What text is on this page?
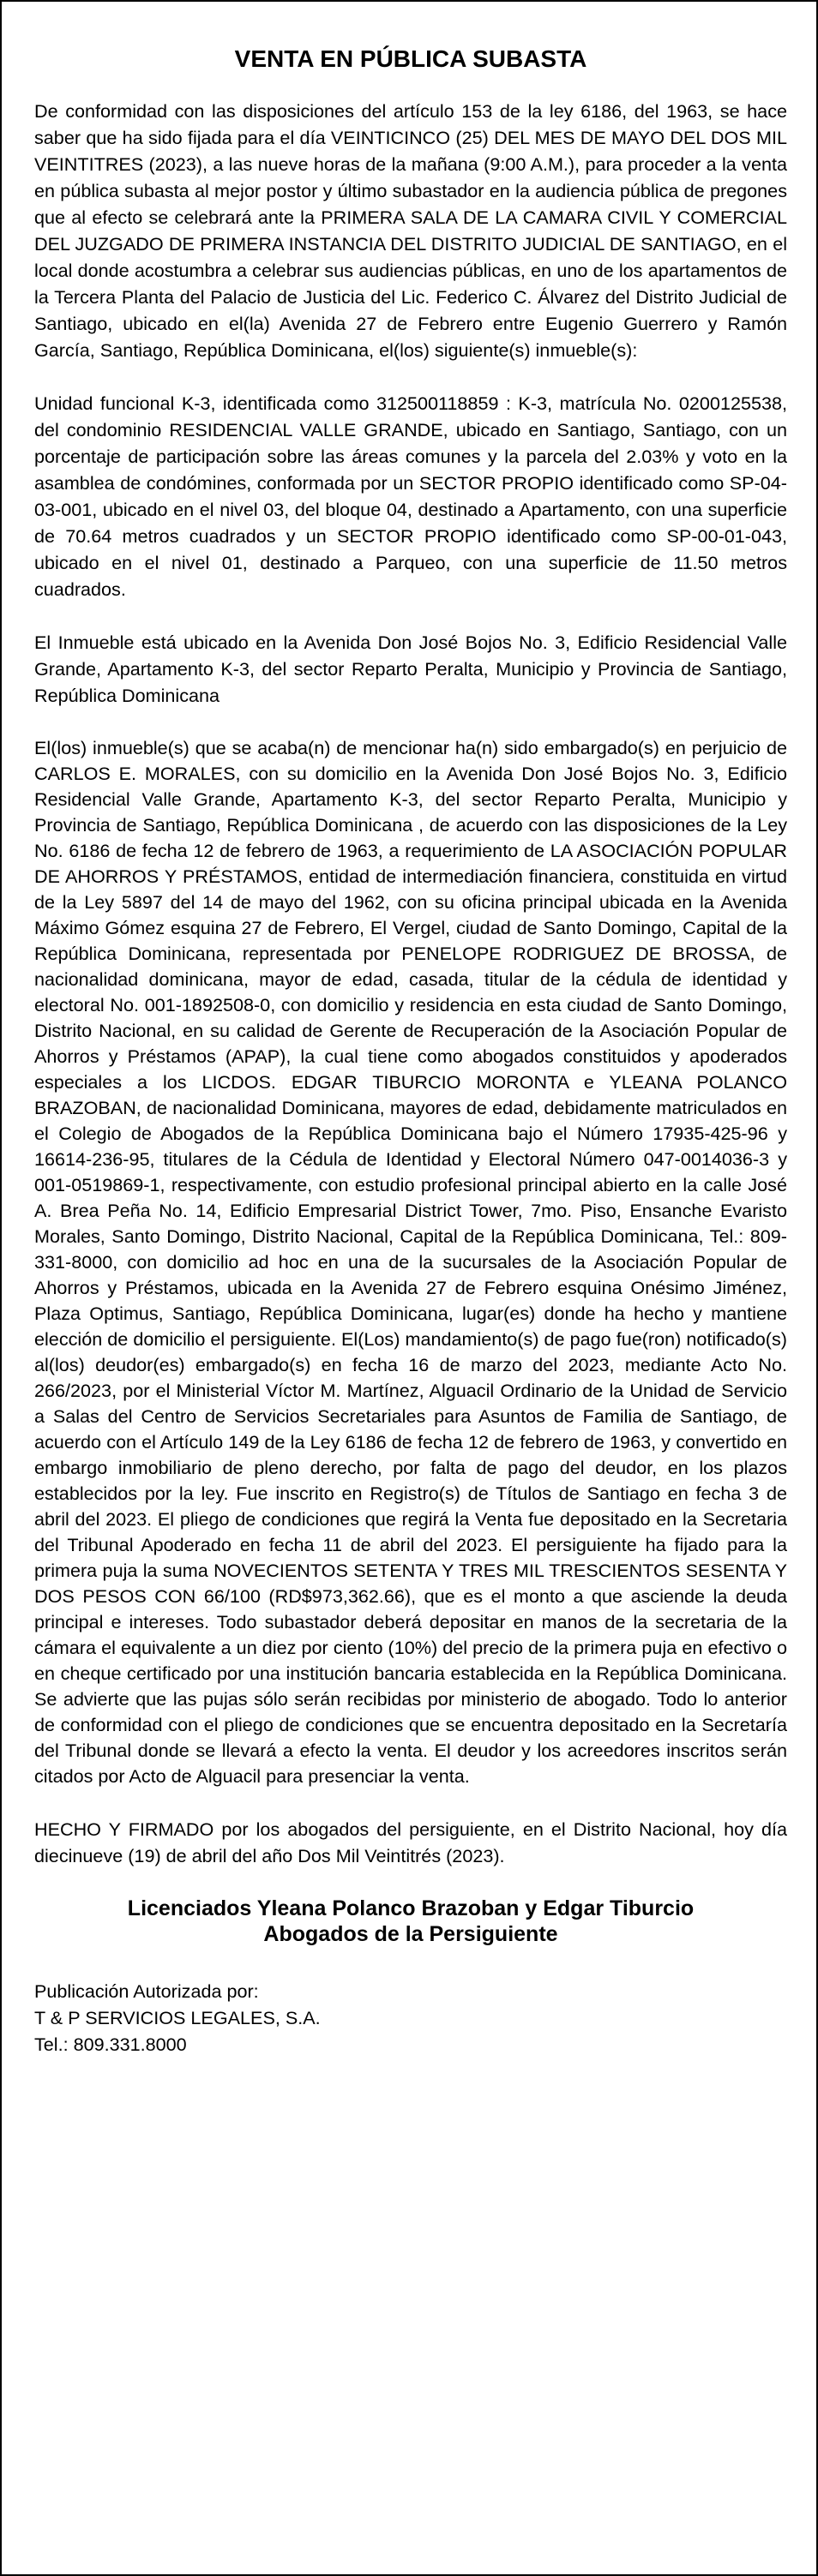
VENTA EN PÚBLICA SUBASTA
De conformidad con las disposiciones del artículo 153 de la ley 6186, del 1963, se hace saber que ha sido fijada para el día VEINTICINCO (25) DEL MES DE MAYO DEL DOS MIL VEINTITRES (2023), a las nueve horas de la mañana (9:00 A.M.), para proceder a la venta en pública subasta al mejor postor y último subastador en la audiencia pública de pregones que al efecto se celebrará ante la PRIMERA SALA DE LA CAMARA CIVIL Y COMERCIAL DEL JUZGADO DE PRIMERA INSTANCIA DEL DISTRITO JUDICIAL DE SANTIAGO, en el local donde acostumbra a celebrar sus audiencias públicas, en uno de los apartamentos de la Tercera Planta del Palacio de Justicia del Lic. Federico C. Álvarez del Distrito Judicial de Santiago, ubicado en el(la) Avenida 27 de Febrero entre Eugenio Guerrero y Ramón García, Santiago, República Dominicana, el(los) siguiente(s) inmueble(s):
Unidad funcional K-3, identificada como 312500118859 : K-3, matrícula No. 0200125538, del condominio RESIDENCIAL VALLE GRANDE, ubicado en Santiago, Santiago, con un porcentaje de participación sobre las áreas comunes y la parcela del 2.03% y voto en la asamblea de condómines, conformada por un SECTOR PROPIO identificado como SP-04-03-001, ubicado en el nivel 03, del bloque 04, destinado a Apartamento, con una superficie de 70.64 metros cuadrados y un SECTOR PROPIO identificado como SP-00-01-043, ubicado en el nivel 01, destinado a Parqueo, con una superficie de 11.50 metros cuadrados.
El Inmueble está ubicado en la Avenida Don José Bojos No. 3, Edificio Residencial Valle Grande, Apartamento K-3, del sector Reparto Peralta, Municipio y Provincia de Santiago, República Dominicana
El(los) inmueble(s) que se acaba(n) de mencionar ha(n) sido embargado(s) en perjuicio de CARLOS E. MORALES, con su domicilio en la Avenida Don José Bojos No. 3, Edificio Residencial Valle Grande, Apartamento K-3, del sector Reparto Peralta, Municipio y Provincia de Santiago, República Dominicana , de acuerdo con las disposiciones de la Ley No. 6186 de fecha 12 de febrero de 1963, a requerimiento de LA ASOCIACIÓN POPULAR DE AHORROS Y PRÉSTAMOS, entidad de intermediación financiera, constituida en virtud de la Ley 5897 del 14 de mayo del 1962, con su oficina principal ubicada en la Avenida Máximo Gómez esquina 27 de Febrero, El Vergel, ciudad de Santo Domingo, Capital de la República Dominicana, representada por PENELOPE RODRIGUEZ DE BROSSA, de nacionalidad dominicana, mayor de edad, casada, titular de la cédula de identidad y electoral No. 001-1892508-0, con domicilio y residencia en esta ciudad de Santo Domingo, Distrito Nacional, en su calidad de Gerente de Recuperación de la Asociación Popular de Ahorros y Préstamos (APAP), la cual tiene como abogados constituidos y apoderados especiales a los LICDOS. EDGAR TIBURCIO MORONTA e YLEANA POLANCO BRAZOBAN, de nacionalidad Dominicana, mayores de edad, debidamente matriculados en el Colegio de Abogados de la República Dominicana bajo el Número 17935-425-96 y 16614-236-95, titulares de la Cédula de Identidad y Electoral Número 047-0014036-3 y 001-0519869-1, respectivamente, con estudio profesional principal abierto en la calle José A. Brea Peña No. 14, Edificio Empresarial District Tower, 7mo. Piso, Ensanche Evaristo Morales, Santo Domingo, Distrito Nacional, Capital de la República Dominicana, Tel.: 809-331-8000, con domicilio ad hoc en una de la sucursales de la Asociación Popular de Ahorros y Préstamos, ubicada en la Avenida 27 de Febrero esquina Onésimo Jiménez, Plaza Optimus, Santiago, República Dominicana, lugar(es) donde ha hecho y mantiene elección de domicilio el persiguiente. El(Los) mandamiento(s) de pago fue(ron) notificado(s) al(los) deudor(es) embargado(s) en fecha 16 de marzo del 2023, mediante Acto No. 266/2023, por el Ministerial Víctor M. Martínez, Alguacil Ordinario de la Unidad de Servicio a Salas del Centro de Servicios Secretariales para Asuntos de Familia de Santiago, de acuerdo con el Artículo 149 de la Ley 6186 de fecha 12 de febrero de 1963, y convertido en embargo inmobiliario de pleno derecho, por falta de pago del deudor, en los plazos establecidos por la ley. Fue inscrito en Registro(s) de Títulos de Santiago en fecha 3 de abril del 2023. El pliego de condiciones que regirá la Venta fue depositado en la Secretaria del Tribunal Apoderado en fecha 11 de abril del 2023. El persiguiente ha fijado para la primera puja la suma NOVECIENTOS SETENTA Y TRES MIL TRESCIENTOS SESENTA Y DOS PESOS CON 66/100 (RD$973,362.66), que es el monto a que asciende la deuda principal e intereses. Todo subastador deberá depositar en manos de la secretaria de la cámara el equivalente a un diez por ciento (10%) del precio de la primera puja en efectivo o en cheque certificado por una institución bancaria establecida en la República Dominicana. Se advierte que las pujas sólo serán recibidas por ministerio de abogado. Todo lo anterior de conformidad con el pliego de condiciones que se encuentra depositado en la Secretaría del Tribunal donde se llevará a efecto la venta. El deudor y los acreedores inscritos serán citados por Acto de Alguacil para presenciar la venta.
HECHO Y FIRMADO por los abogados del persiguiente, en el Distrito Nacional, hoy día diecinueve (19) de abril del año Dos Mil Veintitrés (2023).
Licenciados Yleana Polanco Brazoban y Edgar Tiburcio
Abogados de la Persiguiente
Publicación Autorizada por:
T & P SERVICIOS LEGALES, S.A.
Tel.: 809.331.8000
